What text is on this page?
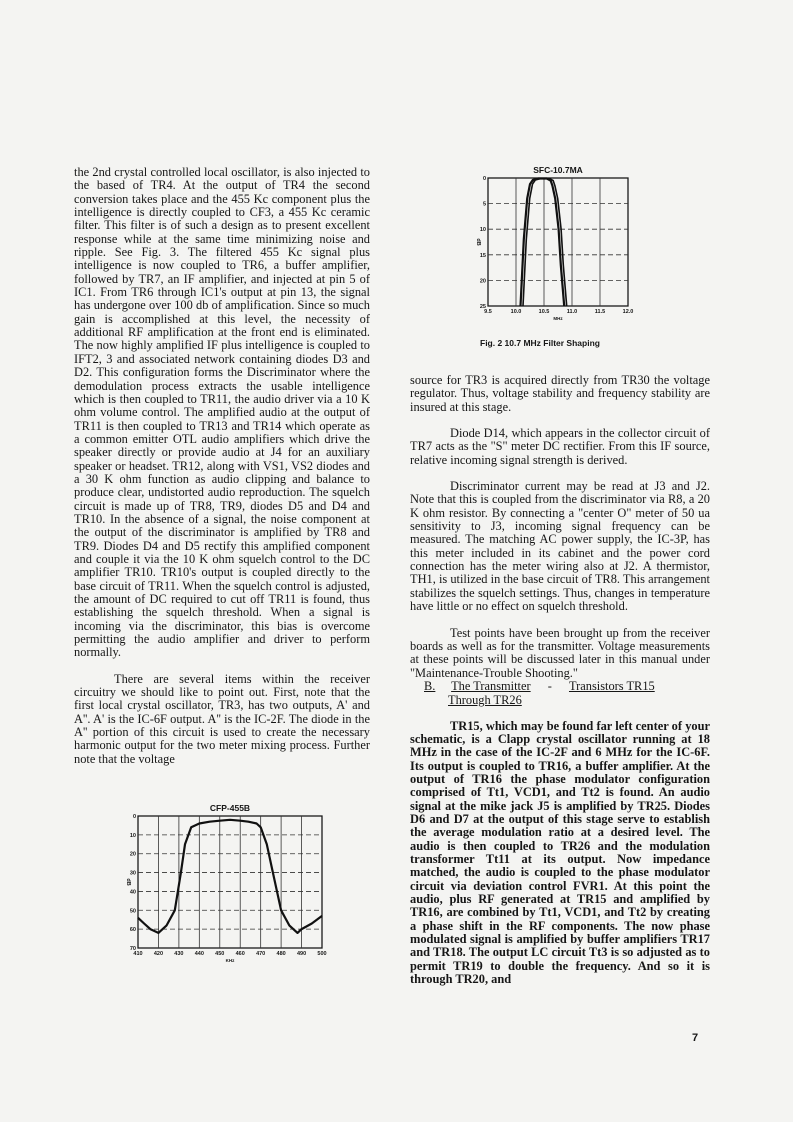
the 2nd crystal controlled local oscillator, is also injected to the based of TR4. At the output of TR4 the second conversion takes place and the 455 Kc component plus the intelligence is directly coupled to CF3, a 455 Kc ceramic filter. This filter is of such a design as to present excellent response while at the same time minimizing noise and ripple. See Fig. 3. The filtered 455 Kc signal plus intelligence is now coupled to TR6, a buffer amplifier, followed by TR7, an IF amplifier, and injected at pin 5 of IC1. From TR6 through IC1's output at pin 13, the signal has undergone over 100 db of amplification. Since so much gain is accomplished at this level, the necessity of additional RF amplification at the front end is eliminated. The now highly amplified IF plus intelligence is coupled to IFT2, 3 and associated network containing diodes D3 and D2. This configuration forms the Discriminator where the demodulation process extracts the usable intelligence which is then coupled to TR11, the audio driver via a 10 K ohm volume control. The amplified audio at the output of TR11 is then coupled to TR13 and TR14 which operate as a common emitter OTL audio amplifiers which drive the speaker directly or provide audio at J4 for an auxiliary speaker or headset. TR12, along with VS1, VS2 diodes and a 30 K ohm function as audio clipping and balance to produce clear, undistorted audio reproduction. The squelch circuit is made up of TR8, TR9, diodes D5 and D4 and TR10. In the absence of a signal, the noise component at the output of the discriminator is amplified by TR8 and TR9. Diodes D4 and D5 rectify this amplified component and couple it via the 10 K ohm squelch control to the DC amplifier TR10. TR10's output is coupled directly to the base circuit of TR11. When the squelch control is adjusted, the amount of DC required to cut off TR11 is found, thus establishing the squelch threshold. When a signal is incoming via the discriminator, this bias is overcome permitting the audio amplifier and driver to perform normally.

There are several items within the receiver circuitry we should like to point out. First, note that the first local crystal oscillator, TR3, has two outputs, A' and A''. A' is the IC-6F output. A'' is the IC-2F. The diode in the A'' portion of this circuit is used to create the necessary harmonic output for the two meter mixing process. Further note that the voltage

source for TR3 is acquired directly from TR30 the voltage regulator. Thus, voltage stability and frequency stability are insured at this stage.

Diode D14, which appears in the collector circuit of TR7 acts as the "S" meter DC rectifier. From this IF source, relative incoming signal strength is derived.

Discriminator current may be read at J3 and J2. Note that this is coupled from the discriminator via R8, a 20 K ohm resistor. By connecting a "center O" meter of 50 ua sensitivity to J3, incoming signal frequency can be measured. The matching AC power supply, the IC-3P, has this meter included in its cabinet and the power cord connection has the meter wiring also at J2. A thermistor, TH1, is utilized in the base circuit of TR8. This arrangement stabilizes the squelch settings. Thus, changes in temperature have little or no effect on squelch threshold.

Test points have been brought up from the receiver boards as well as for the transmitter. Voltage measurements at these points will be discussed later in this manual under "Maintenance-Trouble Shooting."

B. The Transmitter - Transistors TR15
Through TR26

TR15, which may be found far left center of your schematic, is a Clapp crystal oscillator running at 18 MHz in the case of the IC-2F and 6 MHz for the IC-6F. Its output is coupled to TR16, a buffer amplifier. At the output of TR16 the phase modulator configuration comprised of Tt1, VCD1, and Tt2 is found. An audio signal at the mike jack J5 is amplified by TR25. Diodes D6 and D7 at the output of this stage serve to establish the average modulation ratio at a desired level. The audio is then coupled to TR26 and the modulation transformer Tt11 at its output. Now impedance matched, the audio is coupled to the phase modulator circuit via deviation control FVR1. At this point the audio, plus RF generated at TR15 and amplified by TR16, are combined by Tt1, VCD1, and Tt2 by creating a phase shift in the RF components. The now phase modulated signal is amplified by buffer amplifiers TR17 and TR18. The output LC circuit Tt3 is so adjusted as to permit TR19 to double the frequency. And so it is through TR20, and

SFC-10.7MA
9.5	10.0	10.5	11.0	11.5	12.0
0
5
10
15
20
25
MHz
dB
Fig. 2 10.7 MHz Filter Shaping
CFP-455B
410 420 430 440 450 460 470 480 490 500
0
10
20
30
40
50
60
70
KHz
dB
7
